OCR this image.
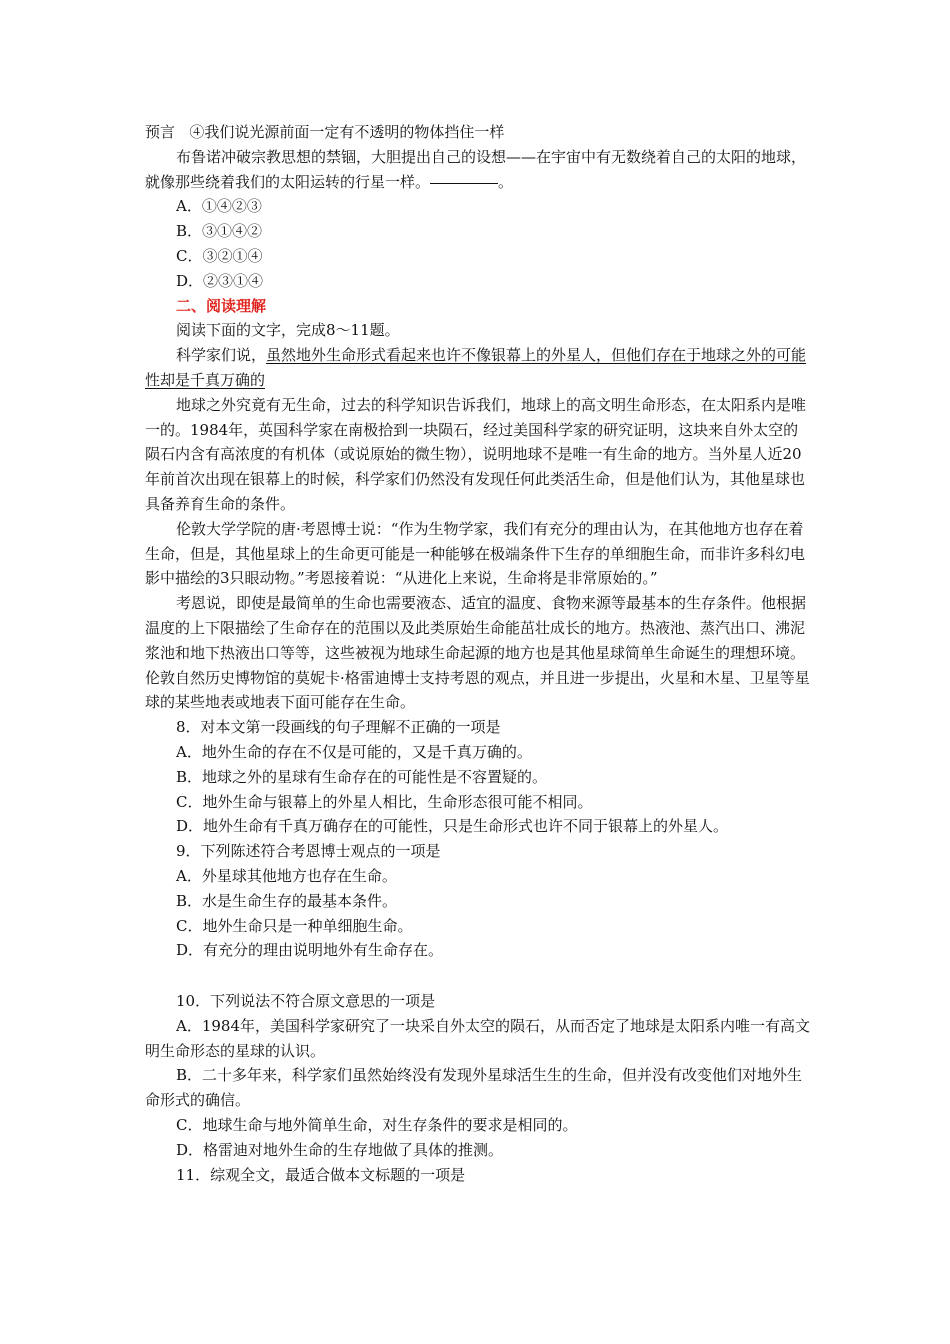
预言 ④我们说光源前面一定有不透明的物体挡住一样

布鲁诺冲破宗教思想的禁锢，大胆提出自己的设想——在宇宙中有无数绕着自己的太阳的地球，就像那些绕着我们的太阳运转的行星一样。	。

A．①④②③

B．③①④②

C．③②①④

D．②③①④

二、阅读理解

阅读下面的文字，完成8～11题。

科学家们说，虽然地外生命形式看起来也许不像银幕上的外星人，但他们存在于地球之外的可能性却是千真万确的

地球之外究竟有无生命，过去的科学知识告诉我们，地球上的高文明生命形态，在太阳系内是唯一的。1984年，英国科学家在南极拾到一块陨石，经过美国科学家的研究证明，这块来自外太空的陨石内含有高浓度的有机体（或说原始的微生物），说明地球不是唯一有生命的地方。当外星人近20年前首次出现在银幕上的时候，科学家们仍然没有发现任何此类活生命，但是他们认为，其他星球也具备养育生命的条件。

伦敦大学学院的唐·考恩博士说：“作为生物学家，我们有充分的理由认为，在其他地方也存在着生命，但是，其他星球上的生命更可能是一种能够在极端条件下生存的单细胞生命，而非许多科幻电影中描绘的3只眼动物。”考恩接着说：“从进化上来说，生命将是非常原始的。”

考恩说，即使是最简单的生命也需要液态、适宜的温度、食物来源等最基本的生存条件。他根据温度的上下限描绘了生命存在的范围以及此类原始生命能茁壮成长的地方。热液池、蒸汽出口、沸泥浆池和地下热液出口等等，这些被视为地球生命起源的地方也是其他星球简单生命诞生的理想环境。伦敦自然历史博物馆的莫妮卡·格雷迪博士支持考恩的观点，并且进一步提出，火星和木星、卫星等星球的某些地表或地表下面可能存在生命。

8．对本文第一段画线的句子理解不正确的一项是

A．地外生命的存在不仅是可能的，又是千真万确的。

B．地球之外的星球有生命存在的可能性是不容置疑的。

C．地外生命与银幕上的外星人相比，生命形态很可能不相同。

D．地外生命有千真万确存在的可能性，只是生命形式也许不同于银幕上的外星人。

9．下列陈述符合考恩博士观点的一项是

A．外星球其他地方也存在生命。

B．水是生命生存的最基本条件。

C．地外生命只是一种单细胞生命。

D．有充分的理由说明地外有生命存在。

10．下列说法不符合原文意思的一项是

A．1984年，美国科学家研究了一块采自外太空的陨石，从而否定了地球是太阳系内唯一有高文明生命形态的星球的认识。

B．二十多年来，科学家们虽然始终没有发现外星球活生生的生命，但并没有改变他们对地外生命形式的确信。

C．地球生命与地外简单生命，对生存条件的要求是相同的。

D．格雷迪对地外生命的生存地做了具体的推测。

11．综观全文，最适合做本文标题的一项是
